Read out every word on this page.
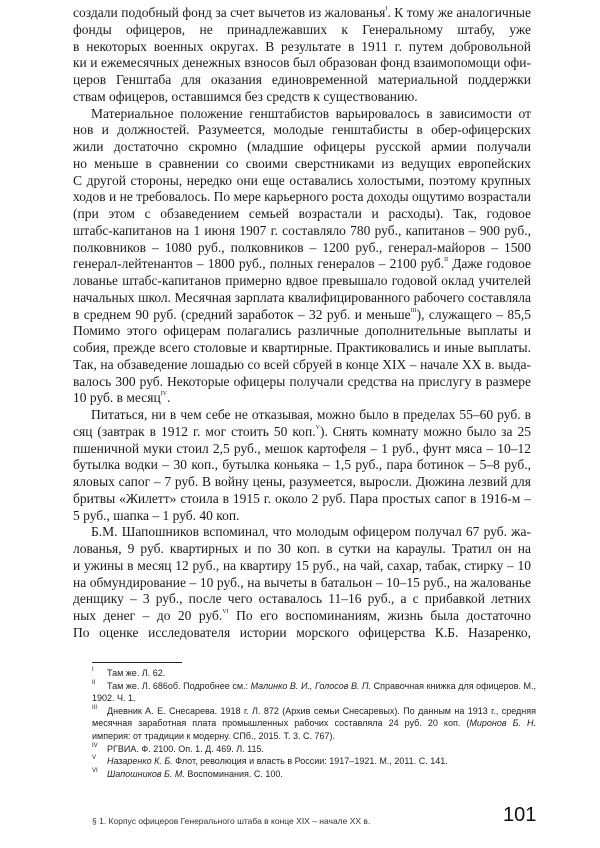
создали подобный фонд за счет вычетов из жалованья$^I$. К тому же аналогичные
фонды офицеров, не принадлежавших к Генеральному штабу, уже
в некоторых военных округах. В результате в 1911 г. путем добровольной
ки и ежемесячных денежных взносов был образован фонд взаимопомощи офи-
церов Генштаба для оказания единовременной материальной поддержки
ствам офицеров, оставшимся без средств к существованию.
Материальное положение генштабистов варьировалось в зависимости от
нов и должностей. Разумеется, молодые генштабисты в обер-офицерских
жили достаточно скромно (младшие офицеры русской армии получали
но меньше в сравнении со своими сверстниками из ведущих европейских
С другой стороны, нередко они еще оставались холостыми, поэтому крупных
ходов и не требовалось. По мере карьерного роста доходы ощутимо возрастали
(при этом с обзаведением семьей возрастали и расходы). Так, годовое
штабс-капитанов на 1 июня 1907 г. составляло 780 руб., капитанов – 900 руб.,
полковников – 1080 руб., полковников – 1200 руб., генерал-майоров – 1500
генерал-лейтенантов – 1800 руб., полных генералов – 2100 руб.$^{II}$ Даже годовое
лованье штабс-капитанов примерно вдвое превышало годовой оклад учителей
начальных школ. Месячная зарплата квалифицированного рабочего составляла
в среднем 90 руб. (средний заработок – 32 руб. и меньше$^{III}$), служащего – 85,5
Помимо этого офицерам полагались различные дополнительные выплаты и
собия, прежде всего столовые и квартирные. Практиковались и иные выплаты.
Так, на обзаведение лошадью со всей сбруей в конце XIX – начале XX в. выда-
валось 300 руб. Некоторые офицеры получали средства на прислугу в размере
10 руб. в месяц$^{IV}$.
Питаться, ни в чем себе не отказывая, можно было в пределах 55–60 руб. в
сяц (завтрак в 1912 г. мог стоить 50 коп.$^V$). Снять комнату можно было за 25
пшеничной муки стоил 2,5 руб., мешок картофеля – 1 руб., фунт мяса – 10–12
бутылка водки – 30 коп., бутылка коньяка – 1,5 руб., пара ботинок – 5–8 руб.,
яловых сапог – 7 руб. В войну цены, разумеется, выросли. Дюжина лезвий для
бритвы «Жилетт» стоила в 1915 г. около 2 руб. Пара простых сапог в 1916-м –
5 руб., шапка – 1 руб. 40 коп.
Б.М. Шапошников вспоминал, что молодым офицером получал 67 руб. жа-
лованья, 9 руб. квартирных и по 30 коп. в сутки на караулы. Тратил он на
и ужины в месяц 12 руб., на квартиру 15 руб., на чай, сахар, табак, стирку – 10
на обмундирование – 10 руб., на вычеты в батальон – 10–15 руб., на жалованье
денщику – 3 руб., после чего оставалось 11–16 руб., а с прибавкой летних
ных денег – до 20 руб.$^{VI}$ По его воспоминаниям, жизнь была достаточно
По оценке исследователя истории морского офицерства К.Б. Назаренко,
I	Там же. Л. 62.
II	Там же. Л. 686об. Подробнее см.: Малинко В. И., Голосов В. П. Справочная книжка для офицеров. М.,
1902. Ч. 1.
III	Дневник А. Е. Снесарева. 1918 г. Л. 872 (Архив семьи Снесаревых). По данным на 1913 г., средняя
месячная заработная плата промышленных рабочих составляла 24 руб. 20 коп. (Миронов Б. Н.
империя: от традиции к модерну. СПб., 2015. Т. 3. С. 767).
IV	РГВИА. Ф. 2100. Оп. 1. Д. 469. Л. 115.
V	Назаренко К. Б. Флот, революция и власть в России: 1917–1921. М., 2011. С. 141.
VI	Шапошников Б. М. Воспоминания. С. 100.
§ 1. Корпус офицеров Генерального штаба в конце XIX – начале XX в.	101
